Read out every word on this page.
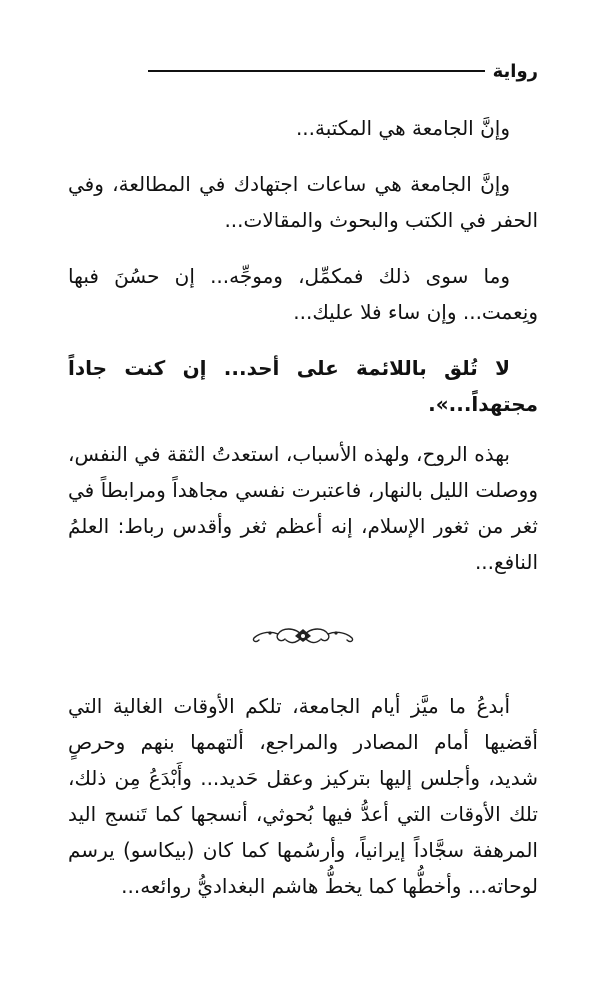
رواية

وإنَّ الجامعة هي المكتبة...

وإنَّ الجامعة هي ساعات اجتهادك في المطالعة، وفي الحفر في الكتب والبحوث والمقالات...

وما سوى ذلك فمكمِّل، وموجِّه... إن حسُنَ فبها ونِعمت... وإن ساء فلا عليك...

لا تُلق باللائمة على أحد... إن كنت جاداً مجتهداً...».

بهذه الروح، ولهذه الأسباب، استعدتُ الثقة في النفس، ووصلت الليل بالنهار، فاعتبرت نفسي مجاهداً ومرابطاً في ثغر من ثغور الإسلام، إنه أعظم ثغر وأقدس رباط: العلمُ النافع...

أبدعُ ما ميَّز أيام الجامعة، تلكم الأوقات الغالية التي أقضيها أمام المصادر والمراجع، ألتهمها بنهم وحرصٍ شديد، وأجلس إليها بتركيز وعقل حَديد... وأَبْدَعُ مِن ذلك، تلك الأوقات التي أعدُّ فيها بُحوثي، أنسجها كما تَنسج اليد المرهفة سجَّاداً إيرانياً، وأرسُمها كما كان (بيكاسو) يرسم لوحاته... وأخطُّها كما يخطُّ هاشم البغداديُّ روائعه...
